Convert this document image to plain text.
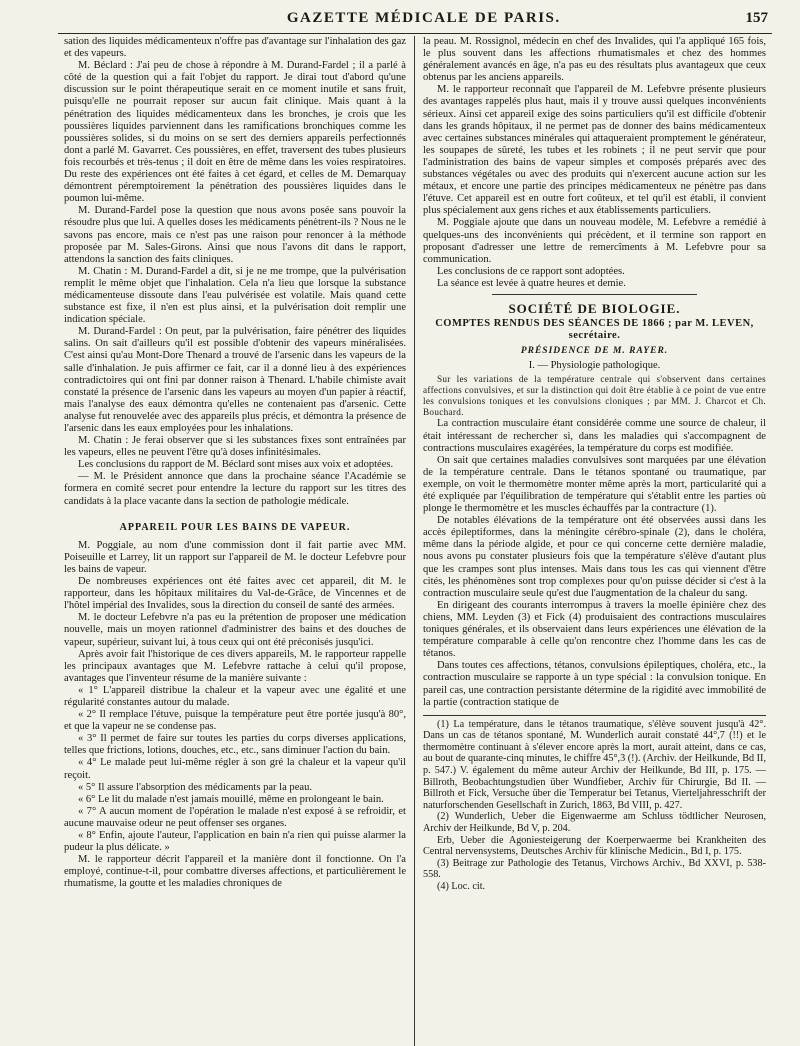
GAZETTE MÉDICALE DE PARIS.	157

sation des liquides médicamenteux n'offre pas d'avantage sur l'inhalation des gaz et des vapeurs.

M. Béclard : J'ai peu de chose à répondre à M. Durand-Fardel ; il a parlé à côté de la question qui a fait l'objet du rapport. Je dirai tout d'abord qu'une discussion sur le point thérapeutique serait en ce moment inutile et sans fruit, puisqu'elle ne pourrait reposer sur aucun fait clinique. Mais quant à la pénétration des liquides médicamenteux dans les bronches, je crois que les poussières liquides parviennent dans les ramifications bronchiques comme les poussières solides, si du moins on se sert des derniers appareils perfectionnés dont a parlé M. Gavarret. Ces poussières, en effet, traversent des tubes plusieurs fois recourbés et très-tenus ; il doit en être de même dans les voies respiratoires. Du reste des expériences ont été faites à cet égard, et celles de M. Demarquay démontrent péremptoirement la pénétration des poussières liquides dans le poumon lui-même.

M. Durand-Fardel pose la question que nous avons posée sans pouvoir la résoudre plus que lui. A quelles doses les médicaments pénètrent-ils ? Nous ne le savons pas encore, mais ce n'est pas une raison pour renoncer à la méthode proposée par M. Sales-Girons. Ainsi que nous l'avons dit dans le rapport, attendons la sanction des faits cliniques.

M. Chatin : M. Durand-Fardel a dit, si je ne me trompe, que la pulvérisation remplit le même objet que l'inhalation. Cela n'a lieu que lorsque la substance médicamenteuse dissoute dans l'eau pulvérisée est volatile. Mais quand cette substance est fixe, il n'en est plus ainsi, et la pulvérisation doit remplir une indication spéciale.

M. Durand-Fardel : On peut, par la pulvérisation, faire pénétrer des liquides salins. On sait d'ailleurs qu'il est possible d'obtenir des vapeurs minéralisées. C'est ainsi qu'au Mont-Dore Thenard a trouvé de l'arsenic dans les vapeurs de la salle d'inhalation. Je puis affirmer ce fait, car il a donné lieu à des expériences contradictoires qui ont fini par donner raison à Thenard. L'habile chimiste avait constaté la présence de l'arsenic dans les vapeurs au moyen d'un papier à réactif, mais l'analyse des eaux démontra qu'elles ne contenaient pas d'arsenic. Cette analyse fut renouvelée avec des appareils plus précis, et démontra la présence de l'arsenic dans les eaux employées pour les inhalations.

M. Chatin : Je ferai observer que si les substances fixes sont entraînées par les vapeurs, elles ne peuvent l'être qu'à doses infinitésimales.

Les conclusions du rapport de M. Béclard sont mises aux voix et adoptées.

— M. le Président annonce que dans la prochaine séance l'Académie se formera en comité secret pour entendre la lecture du rapport sur les titres des candidats à la place vacante dans la section de pathologie médicale.

APPAREIL POUR LES BAINS DE VAPEUR.

M. Poggiale, au nom d'une commission dont il fait partie avec MM. Poiseuille et Larrey, lit un rapport sur l'appareil de M. le docteur Lefebvre pour les bains de vapeur.

De nombreuses expériences ont été faites avec cet appareil, dit M. le rapporteur, dans les hôpitaux militaires du Val-de-Grâce, de Vincennes et de l'hôtel impérial des Invalides, sous la direction du conseil de santé des armées.

M. le docteur Lefebvre n'a pas eu la prétention de proposer une médication nouvelle, mais un moyen rationnel d'administrer des bains et des douches de vapeur, supérieur, suivant lui, à tous ceux qui ont été préconisés jusqu'ici.

Après avoir fait l'historique de ces divers appareils, M. le rapporteur rappelle les principaux avantages que M. Lefebvre rattache à celui qu'il propose, avantages que l'inventeur résume de la manière suivante :

« 1° L'appareil distribue la chaleur et la vapeur avec une égalité et une régularité constantes autour du malade.

« 2° Il remplace l'étuve, puisque la température peut être portée jusqu'à 80°, et que la vapeur ne se condense pas.

« 3° Il permet de faire sur toutes les parties du corps diverses applications, telles que frictions, lotions, douches, etc., etc., sans diminuer l'action du bain.

« 4° Le malade peut lui-même régler à son gré la chaleur et la vapeur qu'il reçoit.

« 5° Il assure l'absorption des médicaments par la peau.

« 6° Le lit du malade n'est jamais mouillé, même en prolongeant le bain.

« 7° A aucun moment de l'opération le malade n'est exposé à se refroidir, et aucune mauvaise odeur ne peut offenser ses organes.

« 8° Enfin, ajoute l'auteur, l'application en bain n'a rien qui puisse alarmer la pudeur la plus délicate. »

M. le rapporteur décrit l'appareil et la manière dont il fonctionne. On l'a employé, continue-t-il, pour combattre diverses affections, et particulièrement le rhumatisme, la goutte et les maladies chroniques de

la peau. M. Rossignol, médecin en chef des Invalides, qui l'a appliqué 165 fois, le plus souvent dans les affections rhumatismales et chez des hommes généralement avancés en âge, n'a pas eu des résultats plus avantageux que ceux obtenus par les anciens appareils.

M. le rapporteur reconnaît que l'appareil de M. Lefebvre présente plusieurs des avantages rappelés plus haut, mais il y trouve aussi quelques inconvénients sérieux. Ainsi cet appareil exige des soins particuliers qu'il est difficile d'obtenir dans les grands hôpitaux, il ne permet pas de donner des bains médicamenteux avec certaines substances minérales qui attaqueraient promptement le générateur, les soupapes de sûreté, les tubes et les robinets ; il ne peut servir que pour l'administration des bains de vapeur simples et composés préparés avec des substances végétales ou avec des produits qui n'exercent aucune action sur les métaux, et encore une partie des principes médicamenteux ne pénètre pas dans l'étuve. Cet appareil est en outre fort coûteux, et tel qu'il est établi, il convient plus spécialement aux gens riches et aux établissements particuliers.

M. Poggiale ajoute que dans un nouveau modèle, M. Lefebvre a remédié à quelques-uns des inconvénients qui précèdent, et il termine son rapport en proposant d'adresser une lettre de remercîments à M. Lefebvre pour sa communication.

Les conclusions de ce rapport sont adoptées.

La séance est levée à quatre heures et demie.

SOCIÉTÉ DE BIOLOGIE.
COMPTES RENDUS DES SÉANCES DE 1866 ; par M. LEVEN, secrétaire.
PRÉSIDENCE DE M. RAYER.
I. — Physiologie pathologique.

Sur les variations de la température centrale qui s'observent dans certaines affections convulsives, et sur la distinction qui doit être établie à ce point de vue entre les convulsions toniques et les convulsions cloniques ; par MM. J. Charcot et Ch. Bouchard.

La contraction musculaire étant considérée comme une source de chaleur, il était intéressant de rechercher si, dans les maladies qui s'accompagnent de contractions musculaires exagérées, la température du corps est modifiée.

On sait que certaines maladies convulsives sont marquées par une élévation de la température centrale. Dans le tétanos spontané ou traumatique, par exemple, on voit le thermomètre monter même après la mort, particularité qui a été expliquée par l'équilibration de température qui s'établit entre les parties où plonge le thermomètre et les muscles échauffés par la contracture (1).

De notables élévations de la température ont été observées aussi dans les accès épileptiformes, dans la méningite cérébro-spinale (2), dans le choléra, même dans la période algide, et pour ce qui concerne cette dernière maladie, nous avons pu constater plusieurs fois que la température s'élève d'autant plus que les crampes sont plus intenses. Mais dans tous les cas qui viennent d'être cités, les phénomènes sont trop complexes pour qu'on puisse décider si c'est à la contraction musculaire seule qu'est due l'augmentation de la chaleur du sang.

En dirigeant des courants interrompus à travers la moelle épinière chez des chiens, MM. Leyden (3) et Fick (4) produisaient des contractions musculaires toniques générales, et ils observaient dans leurs expériences une élévation de la température comparable à celle qu'on rencontre chez l'homme dans les cas de tétanos.

Dans toutes ces affections, tétanos, convulsions épileptiques, choléra, etc., la contraction musculaire se rapporte à un type spécial : la convulsion tonique. En pareil cas, une contraction persistante détermine de la rigidité avec immobilité de la partie (contraction statique de

(1) La température, dans le tétanos traumatique, s'élève souvent jusqu'à 42°. Dans un cas de tétanos spontané, M. Wunderlich aurait constaté 44°,7 (!!) et le thermomètre continuant à s'élever encore après la mort, aurait atteint, dans ce cas, au bout de quarante-cinq minutes, le chiffre 45°,3 (!). (Archiv. der Heilkunde, Bd II, p. 547.) V. également du même auteur Archiv der Heilkunde, Bd III, p. 175. — Billroth, Beobachtungstudien über Wundfieber, Archiv für Chirurgie, Bd II. — Billroth et Fick, Versuche über die Temperatur bei Tetanus, Vierteljahresschrift der naturforschenden Gesellschaft in Zurich, 1863, Bd VIII, p. 427.

(2) Wunderlich, Ueber die Eigenwaerme am Schluss tödtlicher Neurosen, Archiv der Heilkunde, Bd V, p. 204.

Erb, Ueber die Agoniesteigerung der Koerperwaerme bei Krankheiten des Central nervensystems, Deutsches Archiv für klinische Medicin., Bd I, p. 175.

(3) Beitrage zur Pathologie des Tetanus, Virchows Archiv., Bd XXVI, p. 538-558.

(4) Loc. cit.
